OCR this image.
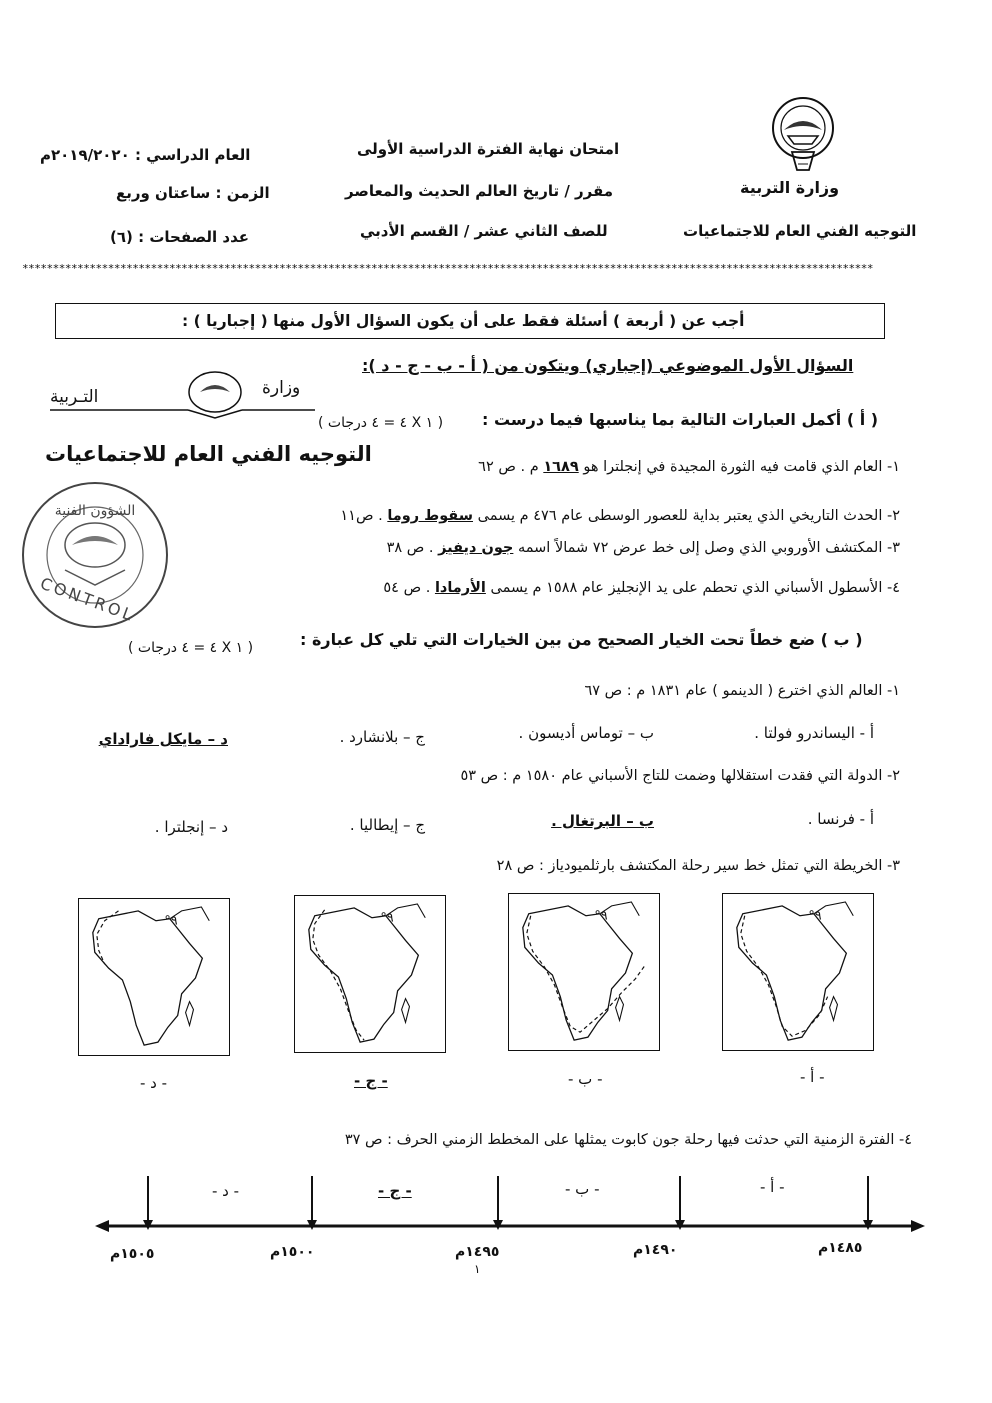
وزارة التربية
التوجيه الفني العام للاجتماعيات
امتحان نهاية الفترة الدراسية الأولى
مقرر / تاريخ العالم الحديث والمعاصر
للصف الثاني عشر / القسم الأدبي
العام الدراسي : ٢٠١٩/٢٠٢٠م
الزمن : ساعتان وربع
عدد الصفحات : (٦)
*******************************************************************************************************************************************
أجب عن ( أربعة ) أسئلة فقط على أن يكون السؤال الأول منها ( إجباريا ) :
وزارة
التـربية
التوجيه الفني العام للاجتماعيات
الشؤون الفنية
CONTROL
السؤال الأول الموضوعي (إجباري) ويتكون من ( أ - ب - ج - د ):
( أ ) أكمل العبارات التالية بما يناسبها فيما درست :
( ١ X ٤ = ٤ درجات )
١- العام الذي قامت فيه الثورة المجيدة في إنجلترا هو ١٦٨٩ م . ص ٦٢
٢- الحدث التاريخي الذي يعتبر بداية للعصور الوسطى عام ٤٧٦ م يسمى سقوط روما . ص١١
٣- المكتشف الأوروبي الذي وصل إلى خط عرض ٧٢ شمالاً اسمه جون ديفيز . ص ٣٨
٤- الأسطول الأسباني الذي تحطم على يد الإنجليز عام ١٥٨٨ م يسمى الأرمادا . ص ٥٤
( ب ) ضع خطاً تحت الخيار الصحيح من بين الخيارات التي تلي كل عبارة :
( ١ X ٤ = ٤ درجات )
١- العالم الذي اخترع ( الدينمو ) عام ١٨٣١ م : ص ٦٧
أ - اليساندرو فولتا .
ب – توماس أديسون .
ج – بلانشارد .
د – مايكل فاراداي
٢- الدولة التي فقدت استقلالها وضمت للتاج الأسباني عام ١٥٨٠ م : ص ٥٣
أ - فرنسا .
ب – البرتغال .
ج – إيطاليا .
د – إنجلترا .
٣- الخريطة التي تمثل خط سير رحلة المكتشف بارثلميودياز : ص ٢٨
٩°
٩°
٩°
٩°
- أ -
- ب -
- ج -
- د -
٤- الفترة الزمنية التي حدثت فيها رحلة جون كابوت يمثلها على المخطط الزمني الحرف : ص ٣٧
- أ -
- ب -
- ج -
- د -
١٤٨٥م
١٤٩٠م
١٤٩٥م
١٥٠٠م
١٥٠٥م
١
